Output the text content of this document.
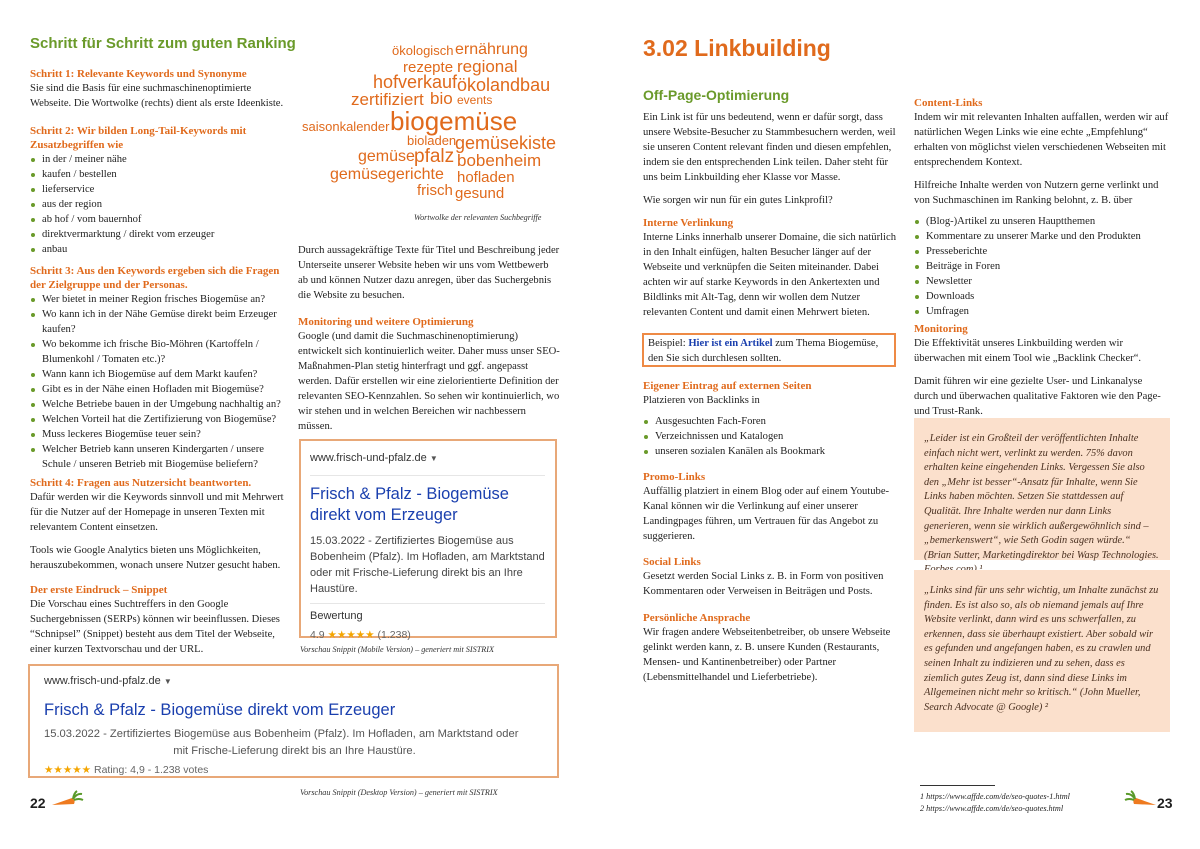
Schritt für Schritt zum guten Ranking
Schritt 1: Relevante Keywords und Synonyme

Sie sind die Basis für eine suchmaschinenoptimierte Webseite. Die Wortwolke (rechts) dient als erste Ideenkiste.

Schritt 2: Wir bilden Long-Tail-Keywords mit Zusatzbegriffen wie
in der / meiner nähe
kaufen / bestellen
lieferservice
aus der region
ab hof / vom bauernhof
direktvermarktung / direkt vom erzeuger
anbau
Schritt 3: Aus den Keywords ergeben sich die Fragen der Zielgruppe und der Personas.
Wer bietet in meiner Region frisches Biogemüse an?
Wo kann ich in der Nähe Gemüse direkt beim Erzeuger kaufen?
Wo bekomme ich frische Bio-Möhren (Kartoffeln / Blumenkohl / Tomaten etc.)?
Wann kann ich Biogemüse auf dem Markt kaufen?
Gibt es in der Nähe einen Hofladen mit Biogemüse?
Welche Betriebe bauen in der Umgebung nachhaltig an?
Welchen Vorteil hat die Zertifizierung von Biogemüse?
Muss leckeres Biogemüse teuer sein?
Welcher Betrieb kann unseren Kindergarten / unsere Schule / unseren Betrieb mit Biogemüse beliefern?
Schritt 4: Fragen aus Nutzersicht beantworten.

Dafür werden wir die Keywords sinnvoll und mit Mehrwert für die Nutzer auf der Homepage in unseren Texten mit relevantem Content einsetzen.

Tools wie Google Analytics bieten uns Möglichkeiten, herauszubekommen, wonach unsere Nutzer gesucht haben.

Der erste Eindruck – Snippet

Die Vorschau eines Suchtreffers in den Google Suchergebnissen (SERPs) können wir beeinflussen. Dieses “Schnipsel” (Snippet) besteht aus dem Titel der Webseite, einer kurzen Textvorschau und der URL.

ökologisch ernährung
rezepte regional
hofverkauf ökolandbau
zertifiziert bio events
saisonkalender biogemüse
bioladen
gemüsekiste
gemüse pfalz bobenheim
gemüsegerichte hofladen
frisch gesund
Wortwolke der relevanten Suchbegriffe
Durch aussagekräftige Texte für Titel und Beschreibung jeder Unterseite unserer Website heben wir uns vom Wettbewerb ab und können Nutzer dazu anregen, über das Suchergebnis die Website zu besuchen.
Monitoring und weitere Optimierung

Google (und damit die Suchmaschinenoptimierung) entwickelt sich kontinuierlich weiter. Daher muss unser SEO-Maßnahmen-Plan stetig hinterfragt und ggf. angepasst werden. Dafür erstellen wir eine zielorientierte Definition der relevanten SEO-Kennzahlen. So sehen wir kontinuierlich, wo wir stehen und in welchen Bereichen wir nachbessern müssen.

www.frisch-und-pfalz.de ▼
Frisch & Pfalz - Biogemüse direkt vom Erzeuger
15.03.2022 - Zertifiziertes Biogemüse aus Bobenheim (Pfalz). Im Hofladen, am Marktstand oder mit Frische-Lieferung direkt bis an Ihre Haustüre.
Bewertung
4.9 ★★★★★ (1.238)
Vorschau Snippit (Mobile Version) – generiert mit SISTRIX
www.frisch-und-pfalz.de ▼
Frisch & Pfalz - Biogemüse direkt vom Erzeuger
15.03.2022 - Zertifiziertes Biogemüse aus Bobenheim (Pfalz). Im Hofladen, am Marktstand oder
mit Frische-Lieferung direkt bis an Ihre Haustüre.
★★★★★ Rating: 4,9 - 1.238 votes
Vorschau Snippit (Desktop Version) – generiert mit SISTRIX
22
3.02 Linkbuilding
Off-Page-Optimierung

Ein Link ist für uns bedeutend, wenn er dafür sorgt, dass unsere Website-Besucher zu Stammbesuchern werden, weil sie unseren Content relevant finden und diesen empfehlen, indem sie den entsprechenden Link teilen. Daher steht für uns beim Linkbuilding eher Klasse vor Masse.

Wie sorgen wir nun für ein gutes Linkprofil?

Interne Verlinkung

Interne Links innerhalb unserer Domaine, die sich natürlich in den Inhalt einfügen, halten Besucher länger auf der Webseite und verknüpfen die Seiten miteinander. Dabei achten wir auf starke Keywords in den Ankertexten und Bildlinks mit Alt-Tag, denn wir wollen dem Nutzer relevanten Content und damit einen Mehrwert bieten.

Beispiel: Hier ist ein Artikel zum Thema Biogemüse, den Sie sich durchlesen sollten.
Eigener Eintrag auf externen Seiten

Platzieren von Backlinks in

Ausgesuchten Fach-Foren
Verzeichnissen und Katalogen
unseren sozialen Kanälen als Bookmark
Promo-Links

Auffällig platziert in einem Blog oder auf einem Youtube-Kanal können wir die Verlinkung auf einer unserer Landingpages führen, um Vertrauen für das Angebot zu suggerieren.

Social Links

Gesetzt werden Social Links z. B. in Form von positiven Kommentaren oder Verweisen in Beiträgen und Posts.

Persönliche Ansprache

Wir fragen andere Webseitenbetreiber, ob unsere Webseite gelinkt werden kann, z. B. unsere Kunden (Restaurants, Mensen- und Kantinenbetreiber) oder Partner (Lebensmittelhandel und Lieferbetriebe).

Content-Links

Indem wir mit relevanten Inhalten auffallen, werden wir auf natürlichen Wegen Links wie eine echte „Empfehlung“ erhalten von möglichst vielen verschiedenen Webseiten mit entsprechendem Kontext.

Hilfreiche Inhalte werden von Nutzern gerne verlinkt und von Suchmaschinen im Ranking belohnt, z. B. über

(Blog-)Artikel zu unseren Hauptthemen
Kommentare zu unserer Marke und den Produkten
Presseberichte
Beiträge in Foren
Newsletter
Downloads
Umfragen
Monitoring

Die Effektivität unseres Linkbuilding werden wir überwachen mit einem Tool wie „Backlink Checker“.

Damit führen wir eine gezielte User- und Linkanalyse durch und überwachen qualitative Faktoren wie den Page- und Trust-Rank.

„Leider ist ein Großteil der veröffentlichten Inhalte einfach nicht wert, verlinkt zu werden. 75% davon erhalten keine eingehenden Links. Vergessen Sie also den „Mehr ist besser“-Ansatz für Inhalte, wenn Sie Links haben möchten. Setzen Sie stattdessen auf Qualität. Ihre Inhalte werden nur dann Links generieren, wenn sie wirklich außergewöhnlich sind – „bemerkenswert“, wie Seth Godin sagen würde.“ (Brian Sutter, Marketingdirektor bei Wasp Technologies.
„Links sind für uns sehr wichtig, um Inhalte zunächst zu finden. Es ist also so, als ob niemand jemals auf Ihre Website verlinkt, dann wird es uns schwerfallen, zu erkennen, dass sie überhaupt existiert. Aber sobald wir es gefunden und angefangen haben, es zu crawlen und seinen Inhalt zu indizieren und zu sehen, dass es ziemlich gutes Zeug ist, dann sind diese Links im Allgemeinen nicht mehr so kritisch.“ (John Mueller, Search Advocate @ Google) ²
1 https://www.affde.com/de/seo-quotes-1.html
2 https://www.affde.com/de/seo-quotes.html	23
